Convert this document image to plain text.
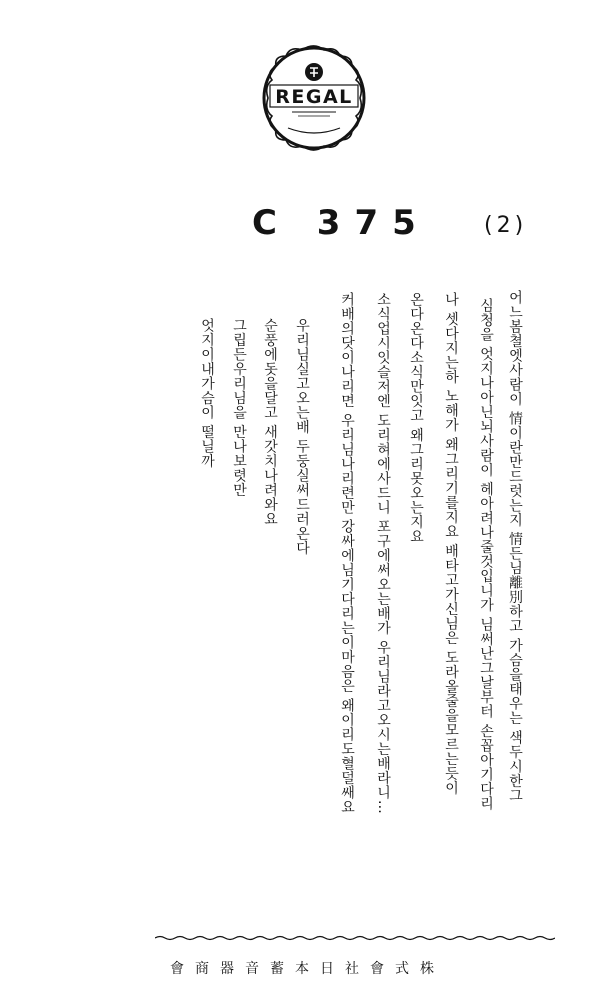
REGAL
C 375 (2)
어느봄쳘엣사람이 情이란만드럿는지 情든님離別하고 가슴을태우는 색두시한그
심청을 엇지나아닌뇌사람이 헤아려나줄것입니가 님써난그날부터 손꼽아기다리
나 셋다지는하 노해가 왜그리기를지요 배타고가신님은 도라올줄을모르는듯이
온다온다소식만잇고 왜그리못오는지요
소식업시잇슬저엔 도리혀에사드니 포구에써오는배가 우리님라고오시는배라니…
커배의닷이나리면 우리님나리련만 강싸에님기다리는이마음은 왜이리도혈덜쌔요
우리님실고오는배 두둥실써드러온다
순풍에돗을달고 새갓치나려와요
그립든우리님을 만나보렷만
엇지이내가슴이 떨닐까
株式會社日本蓄音器商會
